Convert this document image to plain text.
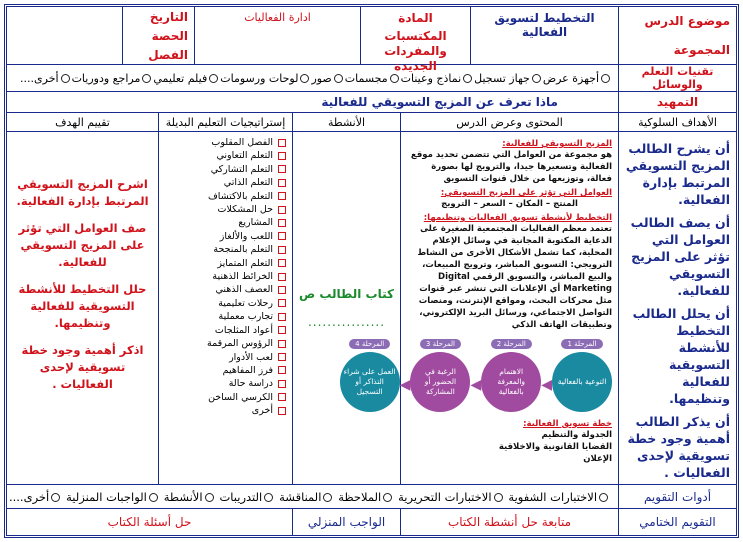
موضوع الدرس
المجموعة
التخطيط لتسويق الفعالية
المادة
المكتسبات والمفردات الجديدة
ادارة الفعاليات
التاريخ
الحصة
الفصل
تقنيات التعلم والوسائل
أجهزة عرض
جهاز تسجيل
نماذج وعينات
مجسمات
صور
لوحات ورسومات
فيلم تعليمي
مراجع ودوريات
أخرى....
التمهيد
ماذا تعرف عن المزيج التسويقي للفعالية
الأهداف السلوكية
المحتوى وعرض الدرس
الأنشطة
إستراتيجيات التعليم البديلة
تقييم الهدف

أن يشرح الطالب المزيج التسويقي المرتبط بإدارة الفعالية.

أن يصف الطالب العوامل التي تؤثر على المزيج التسويقي للفعالية.

أن يحلل الطالب التخطيط للأنشطة التسويقية للفعالية وتنظيمها.

أن يذكر الطالب أهمية وجود خطة تسويقية لإحدى الفعاليات .

المزيج التسويقي للفعالية:
هو مجموعة من العوامل التي تتضمن تحديد موقع الفعالية وتسعيرها جيدا، والترويج لها بصورة فعالة، وتوزيعها من خلال قنوات التسويق
العوامل التي تؤثر على المزيج التسويقي:
المنتج – المكان – السعر – الترويج
التخطيط لأنشطة تسويق الفعاليات وتنظيمها:
تعتمد معظم الفعاليات المجتمعية الصغيرة على الدعاية المكتوبة المجانية في وسائل الإعلام المحلية، كما تشمل الأشكال الأخرى من النشاط الترويجي: التسويق المباشر، وترويج المبيعات، والبيع المباشر، والتسويق الرقمي Digital Marketing أي الإعلانات التي تنشر عبر قنوات مثل محركات البحث، ومواقع الإنترنت، ومنصات التواصل الاجتماعي، ورسائل البريد الإلكتروني، وتطبيقات الهاتف الذكي
المرحلة 1
التوعية بالفعالية
◀
المرحلة 2
الاهتمام والمعرفة بالفعالية
◀
المرحلة 3
الرغبة في الحضور أو المشاركة
◀
المرحلة 4
العمل على شراء التذاكر أو التسجيل
خطة تسويق الفعالية:
الجدولة والتنظيم
القضايا القانونية والاخلاقية
الإعلان
كتاب الطالب ص
................
الفصل المقلوب
التعلم التعاوني
التعلم التشاركي
التعلم الذاتي
التعلم بالاكتشاف
حل المشكلات
المشاريع
اللعب والألغاز
التعلم بالمنجحة
التعلم المتمايز
الخرائط الذهنية
العصف الذهني
رحلات تعليمية
تجارب معملية
أعواد المثلجات
الرؤوس المرقمة
لعب الأدوار
فرز المفاهيم
دراسة حالة
الكرسي الساخن
أخرى

اشرح المزيج التسويقي المرتبط بإدارة الفعالية.

صف العوامل التي تؤثر على المزيج التسويقي للفعالية.

حلل التخطيط للأنشطة التسويقية للفعالية وتنظيمها.

اذكر أهمية وجود خطة تسويقية لإحدى الفعاليات .

أدوات التقويم
الاختبارات الشفوية
الاختبارات التحريرية
الملاحظة
المناقشة
التدريبات
الأنشطة
الواجبات المنزلية
أخرى....
التقويم الختامي
متابعة حل أنشطة الكتاب
الواجب المنزلي
حل أسئلة الكتاب
